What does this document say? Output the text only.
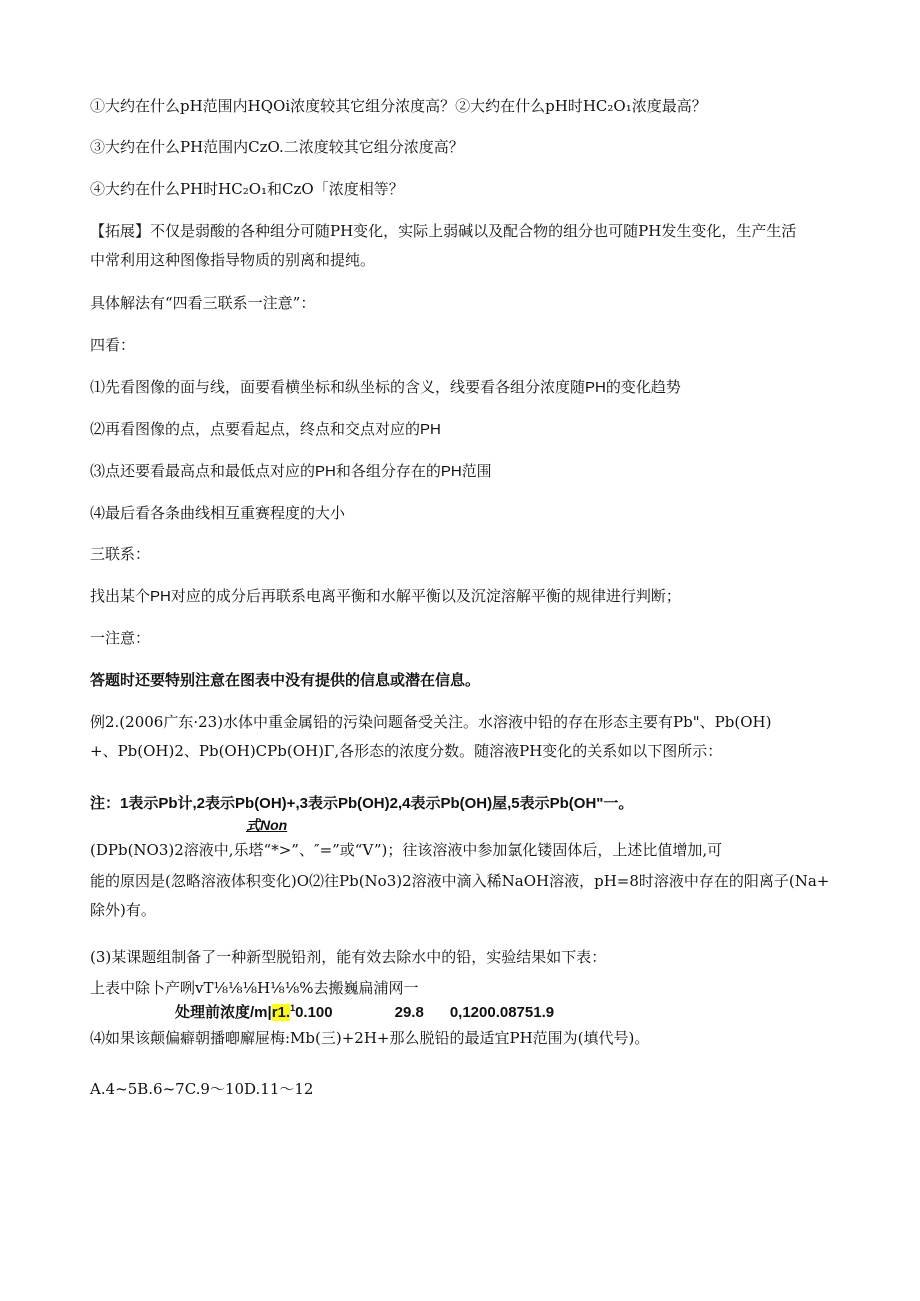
①大约在什么pH范围内HQOi浓度较其它组分浓度高？②大约在什么pH时HC₂O₁浓度最高？
③大约在什么PH范围内CzO.二浓度较其它组分浓度高？
④大约在什么PH时HC₂O₁和CzO「浓度相等？
【拓展】不仅是弱酸的各种组分可随PH变化，实际上弱碱以及配合物的组分也可随PH发生变化，生产生活
中常利用这种图像指导物质的别离和提纯。
具体解法有“四看三联系一注意”：
四看：
⑴先看图像的面与线，面要看横坐标和纵坐标的含义，线要看各组分浓度随PH的变化趋势
⑵再看图像的点，点要看起点，终点和交点对应的PH
⑶点还要看最高点和最低点对应的PH和各组分存在的PH范围
⑷最后看各条曲线相互重赛程度的大小
三联系：
找出某个PH对应的成分后再联系电离平衡和水解平衡以及沉淀溶解平衡的规律进行判断；
一注意：
答题时还要特别注意在图表中没有提供的信息或潜在信息。
例2.(2006广东·23)水体中重金属铅的污染问题备受关注。水溶液中铅的存在形态主要有Pb"、Pb(OH)
+、Pb(OH)2、Pb(OH)CPb(OH)Γ,各形态的浓度分数。随溶液PH变化的关系如以下图所示：
注：1表示Pb计,2表示Pb(OH)+,3表示Pb(OH)2,4表示Pb(OH)屋,5表示Pb(OH"一。
式Non
(DPb(NO3)2溶液中,乐塔“*>”、″=”或“V”)；往该溶液中参加氯化镂固体后，上述比值增加,可
能的原因是(忽略溶液体积变化)O⑵往Pb(No3)2溶液中滴入稀NaOH溶液，pH=8时溶液中存在的阳离子(Na+
除外)有。
(3)某课题组制备了一种新型脱铅剂，能有效去除水中的铅，实验结果如下表：
上表中除卜产咧vT⅛⅛⅛H⅛⅛%去搬巍扁浦网一
处理前浓度/m|r1.$^1$0.100	29.8 0,1200.08751.9
⑷如果该颠偏癖朝播喞廨屉梅:Mb(三)+2H+那么脱铅的最适宜PH范围为(填代号)。
A.4~5B.6~7C.9〜10D.11〜12
